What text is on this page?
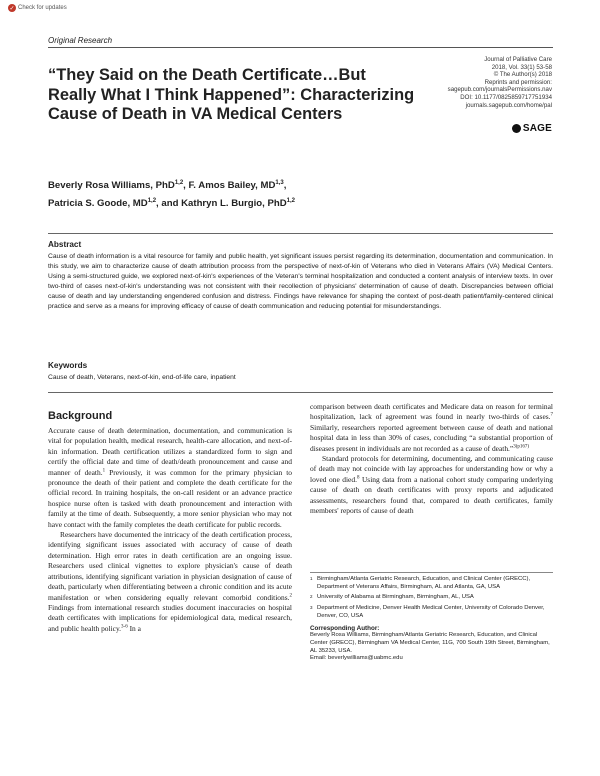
✓ Check for updates
Original Research
Journal of Palliative Care
2018, Vol. 33(1) 53-58
© The Author(s) 2018
Reprints and permission:
sagepub.com/journalsPermissions.nav
DOI: 10.1177/0825859717751934
journals.sagepub.com/home/pal
SAGE
“They Said on the Death Certificate…But Really What I Think Happened”: Characterizing Cause of Death in VA Medical Centers
Beverly Rosa Williams, PhD$^{1,2}$, F. Amos Bailey, MD$^{1,3}$,
Patricia S. Goode, MD$^{1,2}$, and Kathryn L. Burgio, PhD$^{1,2}$
Abstract
Cause of death information is a vital resource for family and public health, yet significant issues persist regarding its determination, documentation and communication. In this study, we aim to characterize cause of death attribution process from the perspective of next-of-kin of Veterans who died in Veterans Affairs (VA) Medical Centers. Using a semi-structured guide, we explored next-of-kin's experiences of the Veteran's terminal hospitalization and conducted a content analysis of interview texts. In over two-third of cases next-of-kin's understanding was not consistent with their recollection of physicians' determination of cause of death. Discrepancies between official cause of death and lay understanding engendered confusion and distress. Findings have relevance for shaping the context of post-death patient/family-centered clinical practice and serve as a means for improving efficacy of cause of death communication and reducing potential for misunderstandings.
Keywords
Cause of death, Veterans, next-of-kin, end-of-life care, inpatient
Background

Accurate cause of death determination, documentation, and communication is vital for population health, medical research, health-care allocation, and next-of-kin information. Death certification utilizes a standardized form to sign and certify the official date and time of death/death pronouncement and cause and manner of death.$^1$ Previously, it was common for the primary physician to pronounce the death of their patient and complete the death certificate for the official record. In training hospitals, the on-call resident or an advance practice hospice nurse often is tasked with death pronouncement and interaction with family at the time of death. Subsequently, a more senior physician who may not have contact with the family completes the death certificate for public records.

Researchers have documented the intricacy of the death certification process, identifying significant issues associated with accuracy of cause of death determination. High error rates in death certification are an ongoing issue. Researchers used clinical vignettes to explore physician's cause of death attributions, identifying significant variation in physician designation of cause of death, particularly when differentiating between a chronic condition and its acute manifestation or when considering equally relevant comorbid conditions.$^2$ Findings from international research studies document inaccuracies on hospital death certificates with implications for epidemiological data, medical research, and public health policy.$^{3-6}$ In a

comparison between death certificates and Medicare data on reason for terminal hospitalization, lack of agreement was found in nearly two-thirds of cases.$^7$ Similarly, researchers reported agreement between cause of death and national hospital data in less than 30% of cases, concluding “a substantial proportion of diseases present in individuals are not recorded as a cause of death.”$^{3(p167)}$

Standard protocols for determining, documenting, and communicating cause of death may not coincide with lay approaches for understanding how or why a loved one died.$^8$ Using data from a national cohort study comparing underlying cause of death on death certificates with proxy reports and adjudicated assessments, researchers found that, compared to death certificates, family members' reports of cause of death

1 Birmingham/Atlanta Geriatric Research, Education, and Clinical Center (GRECC), Department of Veterans Affairs, Birmingham, AL and Atlanta, GA, USA
2 University of Alabama at Birmingham, Birmingham, AL, USA
3 Department of Medicine, Denver Health Medical Center, University of Colorado Denver, Denver, CO, USA
Corresponding Author:
Beverly Rosa Williams, Birmingham/Atlanta Geriatric Research, Education, and Clinical Center (GRECC), Birmingham VA Medical Center, 11G, 700 South 19th Street, Birmingham, AL 35233, USA.
Email: beverlywilliams@uabmc.edu
